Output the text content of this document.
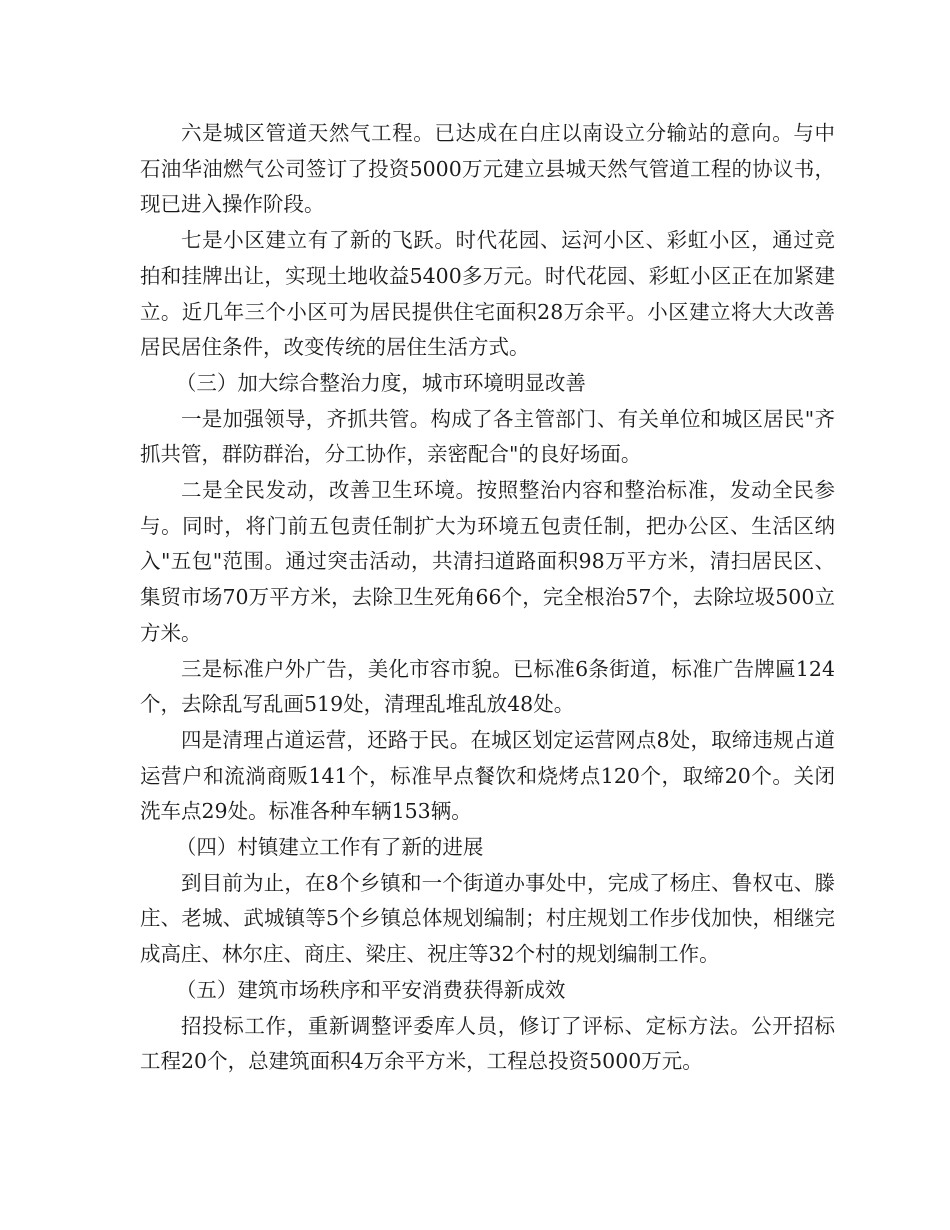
六是城区管道天然气工程。已达成在白庄以南设立分输站的意向。与中石油华油燃气公司签订了投资5000万元建立县城天然气管道工程的协议书，现已进入操作阶段。

七是小区建立有了新的飞跃。时代花园、运河小区、彩虹小区，通过竞拍和挂牌出让，实现土地收益5400多万元。时代花园、彩虹小区正在加紧建立。近几年三个小区可为居民提供住宅面积28万余平。小区建立将大大改善居民居住条件，改变传统的居住生活方式。

（三）加大综合整治力度，城市环境明显改善

一是加强领导，齐抓共管。构成了各主管部门、有关单位和城区居民"齐抓共管，群防群治，分工协作，亲密配合"的良好场面。

二是全民发动，改善卫生环境。按照整治内容和整治标准，发动全民参与。同时，将门前五包责任制扩大为环境五包责任制，把办公区、生活区纳入"五包"范围。通过突击活动，共清扫道路面积98万平方米，清扫居民区、集贸市场70万平方米，去除卫生死角66个，完全根治57个，去除垃圾500立方米。

三是标准户外广告，美化市容市貌。已标准6条街道，标准广告牌匾124个，去除乱写乱画519处，清理乱堆乱放48处。

四是清理占道运营，还路于民。在城区划定运营网点8处，取缔违规占道运营户和流淌商贩141个，标准早点餐饮和烧烤点120个，取缔20个。关闭洗车点29处。标准各种车辆153辆。

（四）村镇建立工作有了新的进展

到目前为止，在8个乡镇和一个街道办事处中，完成了杨庄、鲁权屯、滕庄、老城、武城镇等5个乡镇总体规划编制；村庄规划工作步伐加快，相继完成高庄、林尔庄、商庄、梁庄、祝庄等32个村的规划编制工作。

（五）建筑市场秩序和平安消费获得新成效

招投标工作，重新调整评委库人员，修订了评标、定标方法。公开招标工程20个，总建筑面积4万余平方米，工程总投资5000万元。
